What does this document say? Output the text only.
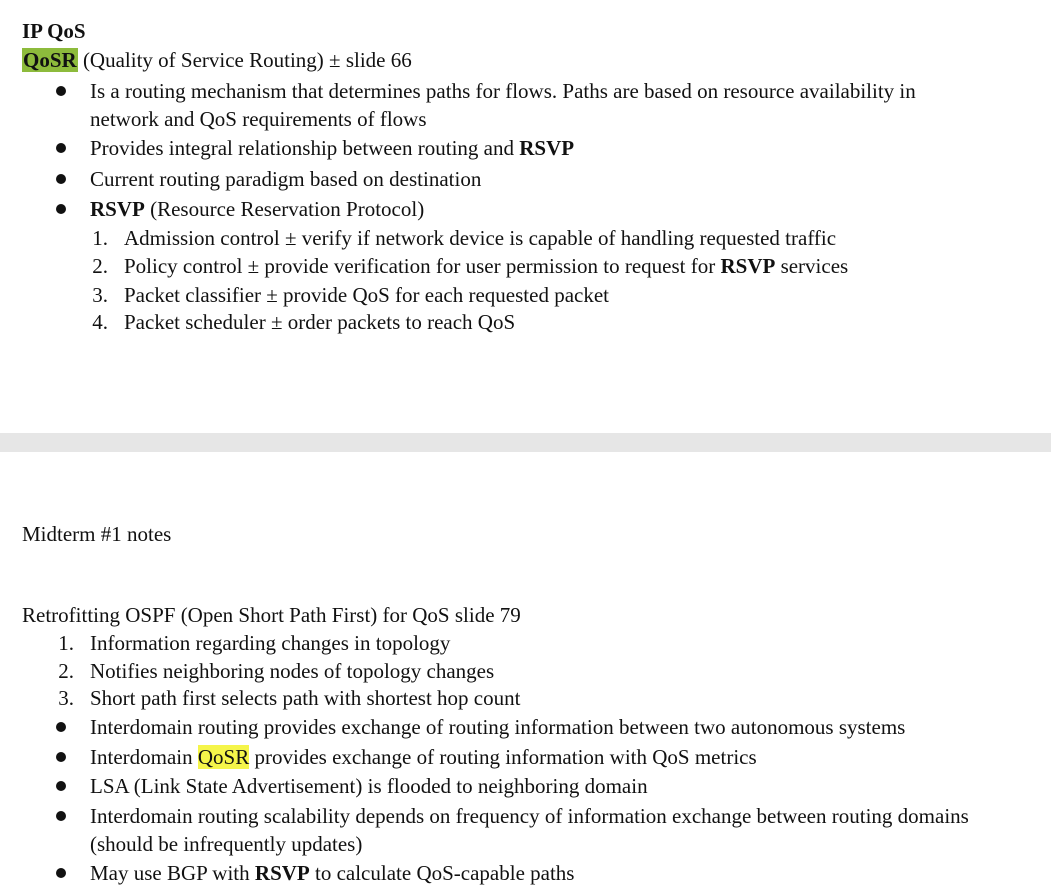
IP QoS
QoSR (Quality of Service Routing) ± slide 66
Is a routing mechanism that determines paths for flows. Paths are based on resource availability in
network and QoS requirements of flows
Provides integral relationship between routing and RSVP
Current routing paradigm based on destination
RSVP (Resource Reservation Protocol)
1. Admission control ± verify if network device is capable of handling requested traffic
2. Policy control ± provide verification for user permission to request for RSVP services
3. Packet classifier ± provide QoS for each requested packet
4. Packet scheduler ± order packets to reach QoS
Midterm #1 notes
Retrofitting OSPF (Open Short Path First) for QoS slide 79
1. Information regarding changes in topology
2. Notifies neighboring nodes of topology changes
3. Short path first selects path with shortest hop count
Interdomain routing provides exchange of routing information between two autonomous systems
Interdomain QoSR provides exchange of routing information with QoS metrics
LSA (Link State Advertisement) is flooded to neighboring domain
Interdomain routing scalability depends on frequency of information exchange between routing domains
(should be infrequently updates)
May use BGP with RSVP to calculate QoS-capable paths
